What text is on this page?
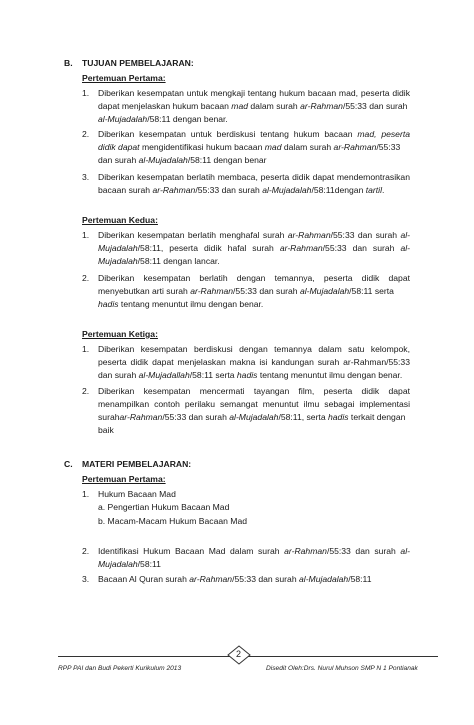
B. TUJUAN PEMBELAJARAN:
Pertemuan Pertama:
1. Diberikan kesempatan untuk mengkaji tentang hukum bacaan mad, peserta didik
dapat menjelaskan hukum bacaan mad dalam surah ar-Rahman/55:33 dan surah
al-Mujadalah/58:11 dengan benar.
2. Diberikan kesempatan untuk berdiskusi tentang hukum bacaan mad, peserta
didik dapat mengidentifikasi hukum bacaan mad dalam surah ar-Rahman/55:33
dan surah al-Mujadalah/58:11 dengan benar
3. Diberikan kesempatan berlatih membaca, peserta didik dapat mendemontrasikan
bacaan surah ar-Rahman/55:33 dan surah al-Mujadalah/58:11dengan tartil.
Pertemuan Kedua:
1. Diberikan kesempatan berlatih menghafal surah ar-Rahman/55:33 dan surah al-
Mujadalah/58:11, peserta didik hafal surah ar-Rahman/55:33 dan surah al-
Mujadalah/58:11 dengan lancar.
2. Diberikan kesempatan berlatih dengan temannya, peserta didik dapat
menyebutkan arti surah ar-Rahman/55:33 dan surah al-Mujadalah/58:11 serta
hadis tentang menuntut ilmu dengan benar.
Pertemuan Ketiga:
1. Diberikan kesempatan berdiskusi dengan temannya dalam satu kelompok,
peserta didik dapat menjelaskan makna isi kandungan surah ar-Rahman/55:33
dan surah al-Mujadallah/58:11 serta hadis tentang menuntut ilmu dengan benar.
2. Diberikan kesempatan mencermati tayangan film, peserta didik dapat
menampilkan contoh perilaku semangat menuntut ilmu sebagai implementasi
surahar-Rahman/55:33 dan surah al-Mujadalah/58:11, serta hadis terkait dengan
baik
C. MATERI PEMBELAJARAN:
Pertemuan Pertama:
1. Hukum Bacaan Mad
a. Pengertian Hukum Bacaan Mad
b. Macam-Macam Hukum Bacaan Mad
2. Identifikasi Hukum Bacaan Mad dalam surah ar-Rahman/55:33 dan surah al-
Mujadalah/58:11
3. Bacaan Al Quran surah ar-Rahman/55:33 dan surah al-Mujadalah/58:11
2
RPP PAI dan Budi Pekerti Kurikulum 2013	Disedit Oleh:Drs. Nurul Muhson SMP N 1 Pontianak
